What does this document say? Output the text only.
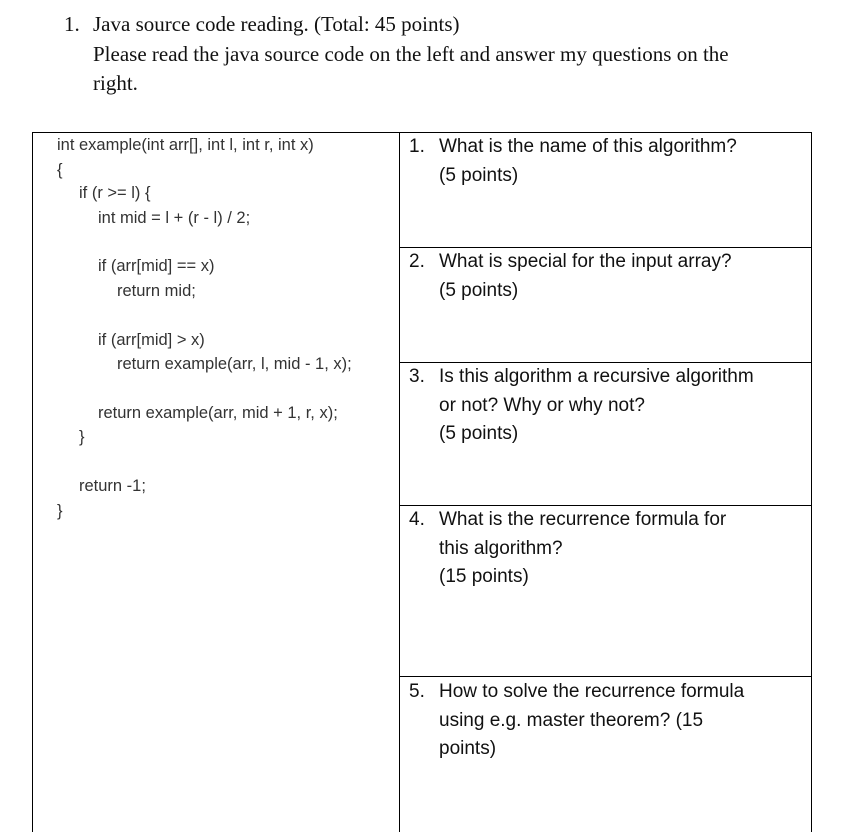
1. Java source code reading. (Total: 45 points)
Please read the java source code on the left and answer my questions on the
right.
int example(int arr[], int l, int r, int x)
{
if (r >= l) {
int mid = l + (r - l) / 2;
if (arr[mid] == x)
return mid;
if (arr[mid] > x)
return example(arr, l, mid - 1, x);
return example(arr, mid + 1, r, x);
}
return -1;
}
1. What is the name of this algorithm?
(5 points)
2. What is special for the input array?
(5 points)
3. Is this algorithm a recursive algorithm
or not? Why or why not?
(5 points)
4. What is the recurrence formula for
this algorithm?
(15 points)
5. How to solve the recurrence formula
using e.g. master theorem? (15
points)
